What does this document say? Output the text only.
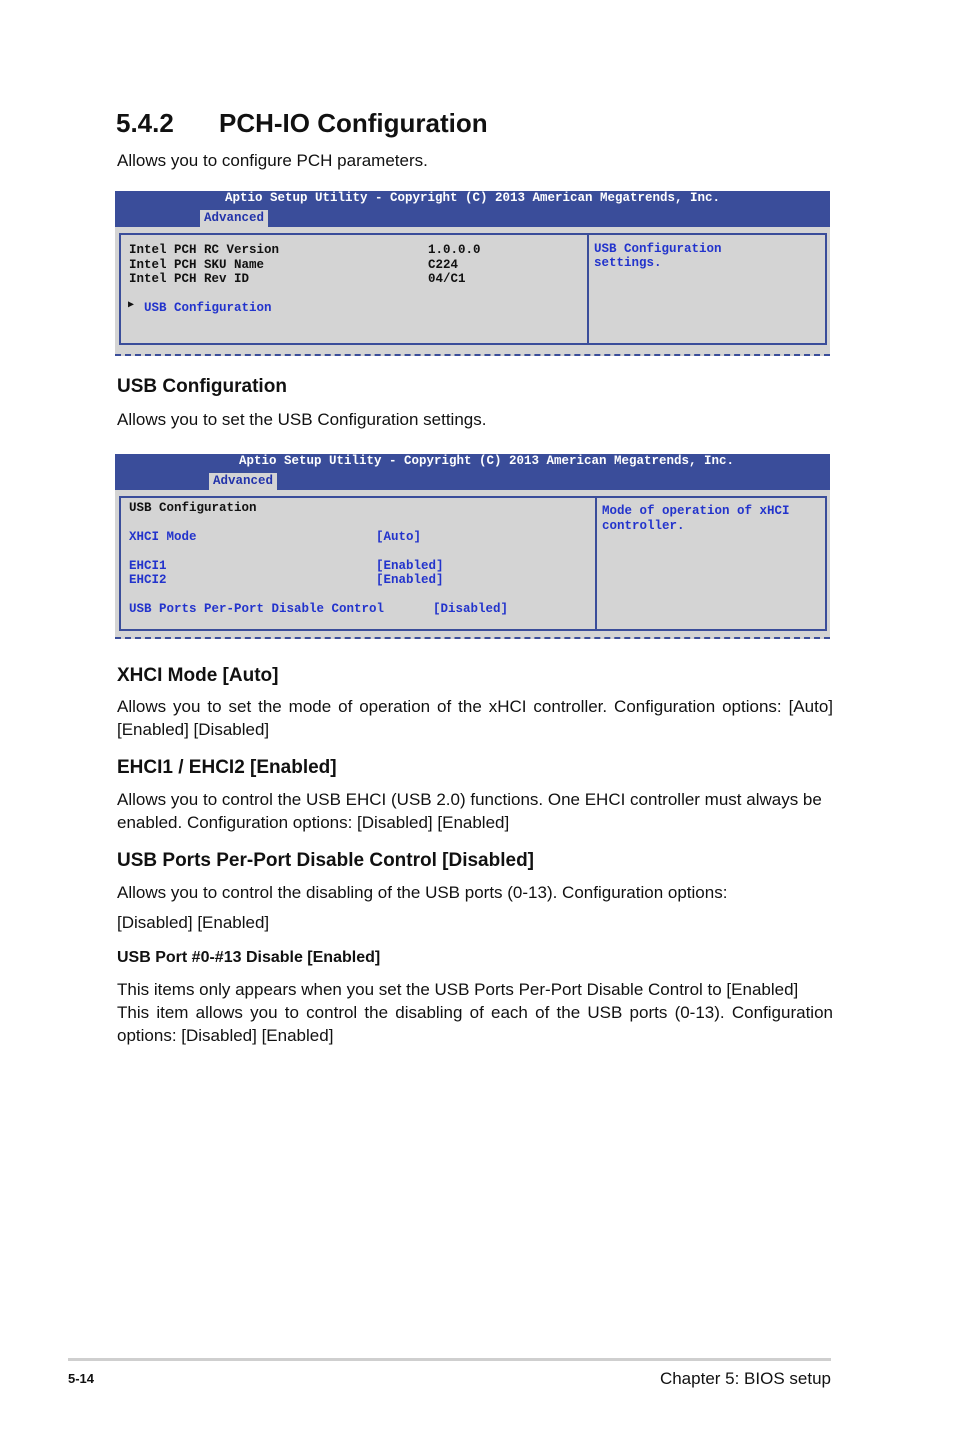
5.4.2 PCH-IO Configuration
Allows you to configure PCH parameters.
Aptio Setup Utility - Copyright (C) 2013 American Megatrends, Inc.
Advanced
Intel PCH RC Version	1.0.0.0
Intel PCH SKU Name	C224
Intel PCH Rev ID	04/C1
▶ USB Configuration
USB Configuration
settings.
USB Configuration
Allows you to set the USB Configuration settings.
Aptio Setup Utility - Copyright (C) 2013 American Megatrends, Inc.
Advanced
USB Configuration
XHCI Mode	[Auto]
EHCI1	[Enabled]
EHCI2	[Enabled]
USB Ports Per-Port Disable Control	[Disabled]
Mode of operation of xHCI
controller.
XHCI Mode [Auto]
Allows you to set the mode of operation of the xHCI controller. Configuration options: [Auto] [Enabled] [Disabled]
EHCI1 / EHCI2 [Enabled]
Allows you to control the USB EHCI (USB 2.0) functions. One EHCI controller must always be enabled. Configuration options: [Disabled] [Enabled]
USB Ports Per-Port Disable Control [Disabled]
Allows you to control the disabling of the USB ports (0-13). Configuration options:
[Disabled] [Enabled]
USB Port #0-#13 Disable [Enabled]
This items only appears when you set the USB Ports Per-Port Disable Control to [Enabled]
This item allows you to control the disabling of each of the USB ports (0-13). Configuration options: [Disabled] [Enabled]
5-14	Chapter 5: BIOS setup
